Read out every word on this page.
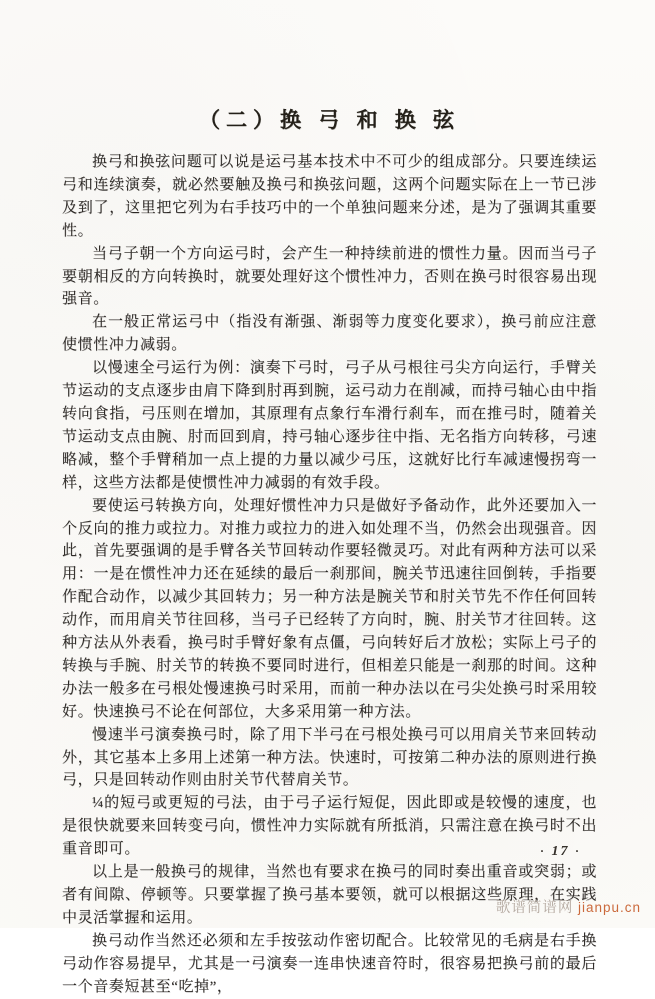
（二）换 弓 和 换 弦

换弓和换弦问题可以说是运弓基本技术中不可少的组成部分。只要连续运弓和连续演奏，就必然要触及换弓和换弦问题，这两个问题实际在上一节已涉及到了，这里把它列为右手技巧中的一个单独问题来分述，是为了强调其重要性。

当弓子朝一个方向运弓时，会产生一种持续前进的惯性力量。因而当弓子要朝相反的方向转换时，就要处理好这个惯性冲力，否则在换弓时很容易出现强音。

在一般正常运弓中（指没有渐强、渐弱等力度变化要求），换弓前应注意使惯性冲力减弱。

以慢速全弓运行为例：演奏下弓时，弓子从弓根往弓尖方向运行，手臂关节运动的支点逐步由肩下降到肘再到腕，运弓动力在削减，而持弓轴心由中指转向食指，弓压则在增加，其原理有点象行车滑行刹车，而在推弓时，随着关节运动支点由腕、肘而回到肩，持弓轴心逐步往中指、无名指方向转移，弓速略减，整个手臂稍加一点上提的力量以减少弓压，这就好比行车减速慢拐弯一样，这些方法都是使惯性冲力减弱的有效手段。

要使运弓转换方向，处理好惯性冲力只是做好予备动作，此外还要加入一个反向的推力或拉力。对推力或拉力的进入如处理不当，仍然会出现强音。因此，首先要强调的是手臂各关节回转动作要轻微灵巧。对此有两种方法可以采用：一是在惯性冲力还在延续的最后一刹那间，腕关节迅速往回倒转，手指要作配合动作，以减少其回转力；另一种方法是腕关节和肘关节先不作任何回转动作，而用肩关节往回移，当弓子已经转了方向时，腕、肘关节才往回转。这种方法从外表看，换弓时手臂好象有点僵，弓向转好后才放松；实际上弓子的转换与手腕、肘关节的转换不要同时进行，但相差只能是一刹那的时间。这种办法一般多在弓根处慢速换弓时采用，而前一种办法以在弓尖处换弓时采用较好。快速换弓不论在何部位，大多采用第一种方法。

慢速半弓演奏换弓时，除了用下半弓在弓根处换弓可以用肩关节来回转动外，其它基本上多用上述第一种方法。快速时，可按第二种办法的原则进行换弓，只是回转动作则由肘关节代替肩关节。

¼的短弓或更短的弓法，由于弓子运行短促，因此即或是较慢的速度，也是很快就要来回转变弓向，惯性冲力实际就有所抵消，只需注意在换弓时不出重音即可。

以上是一般换弓的规律，当然也有要求在换弓的同时奏出重音或突弱；或者有间隙、停顿等。只要掌握了换弓基本要领，就可以根据这些原理，在实践中灵活掌握和运用。

换弓动作当然还必须和左手按弦动作密切配合。比较常见的毛病是右手换弓动作容易提早，尤其是一弓演奏一连串快速音符时，很容易把换弓前的最后一个音奏短甚至“吃掉”，

· 17 ·
歌谱简谱网 jianpu.cn
